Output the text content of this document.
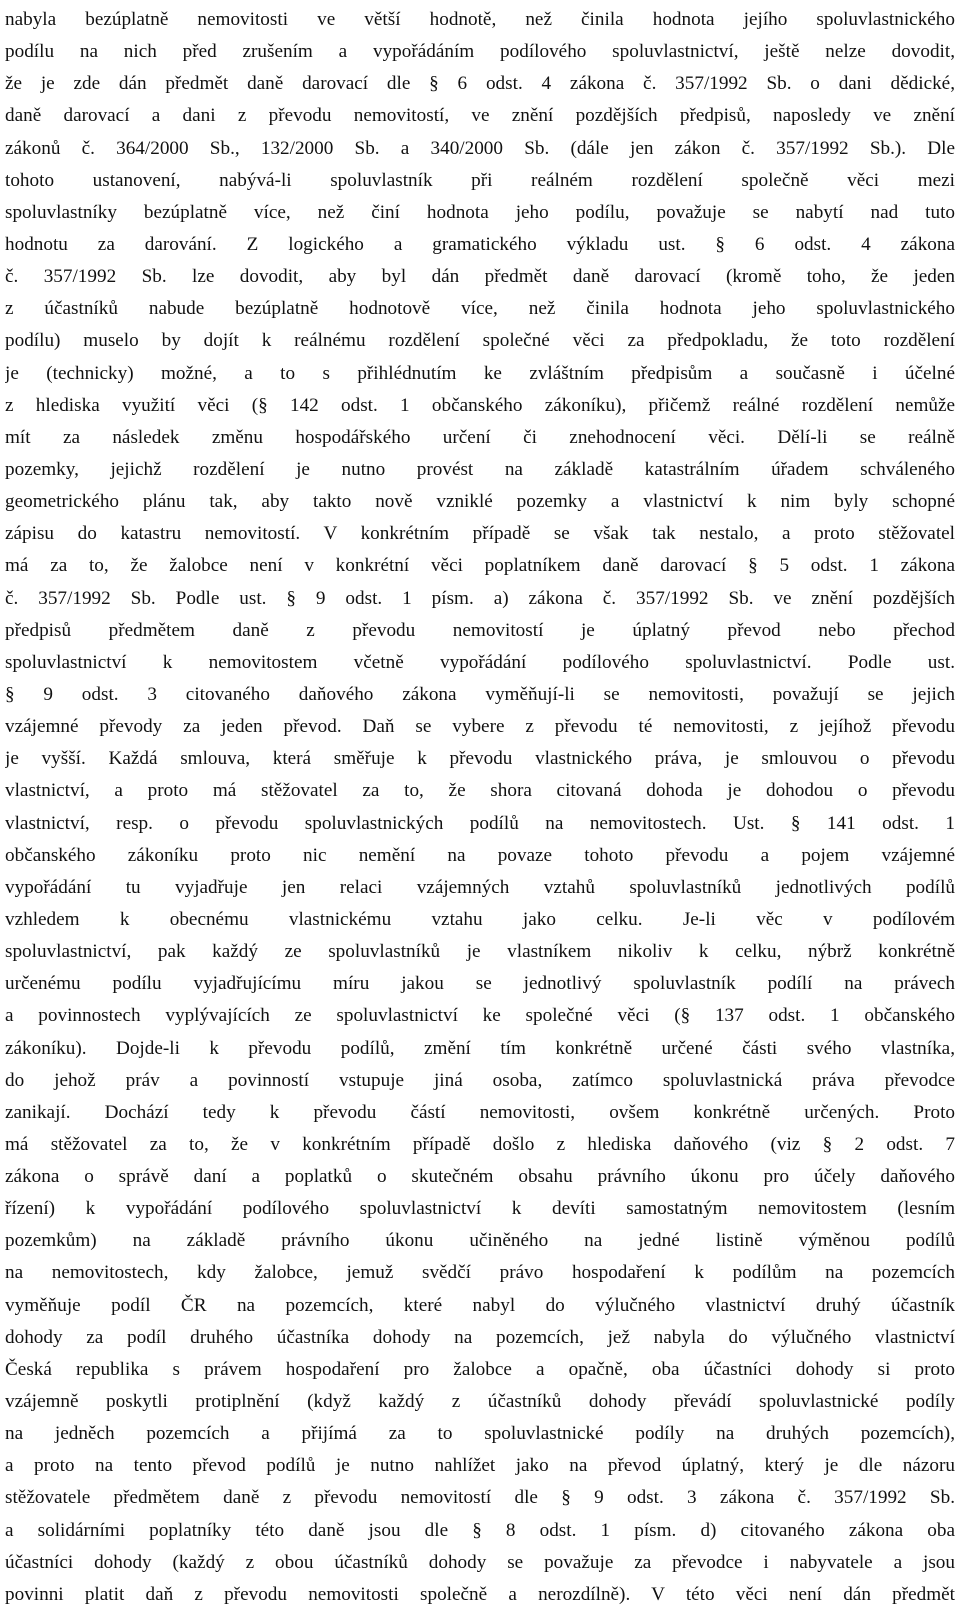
nabyla bezúplatně nemovitosti ve větší hodnotě, než činila hodnota jejího spoluvlastnického
podílu na nich před zrušením a vypořádáním podílového spoluvlastnictví, ještě nelze dovodit,
že je zde dán předmět daně darovací dle § 6 odst. 4 zákona č. 357/1992 Sb. o dani dědické,
daně darovací a dani z převodu nemovitostí, ve znění pozdějších předpisů, naposledy ve znění
zákonů č. 364/2000 Sb., 132/2000 Sb. a 340/2000 Sb. (dále jen zákon č. 357/1992 Sb.). Dle
tohoto ustanovení, nabývá-li spoluvlastník při reálném rozdělení společně věci mezi
spoluvlastníky bezúplatně více, než činí hodnota jeho podílu, považuje se nabytí nad tuto
hodnotu za darování. Z logického a gramatického výkladu ust. § 6 odst. 4 zákona
č. 357/1992 Sb. lze dovodit, aby byl dán předmět daně darovací (kromě toho, že jeden
z účastníků nabude bezúplatně hodnotově více, než činila hodnota jeho spoluvlastnického
podílu) muselo by dojít k reálnému rozdělení společné věci za předpokladu, že toto rozdělení
je (technicky) možné, a to s přihlédnutím ke zvláštním předpisům a současně i účelné
z hlediska využití věci (§ 142 odst. 1 občanského zákoníku), přičemž reálné rozdělení nemůže
mít za následek změnu hospodářského určení či znehodnocení věci. Dělí-li se reálně
pozemky, jejichž rozdělení je nutno provést na základě katastrálním úřadem schváleného
geometrického plánu tak, aby takto nově vzniklé pozemky a vlastnictví k nim byly schopné
zápisu do katastru nemovitostí. V konkrétním případě se však tak nestalo, a proto stěžovatel
má za to, že žalobce není v konkrétní věci poplatníkem daně darovací § 5 odst. 1 zákona
č. 357/1992 Sb. Podle ust. § 9 odst. 1 písm. a) zákona č. 357/1992 Sb. ve znění pozdějších
předpisů předmětem daně z převodu nemovitostí je úplatný převod nebo přechod
spoluvlastnictví k nemovitostem včetně vypořádání podílového spoluvlastnictví. Podle ust.
§ 9 odst. 3 citovaného daňového zákona vyměňují-li se nemovitosti, považují se jejich
vzájemné převody za jeden převod. Daň se vybere z převodu té nemovitosti, z jejíhož převodu
je vyšší. Každá smlouva, která směřuje k převodu vlastnického práva, je smlouvou o převodu
vlastnictví, a proto má stěžovatel za to, že shora citovaná dohoda je dohodou o převodu
vlastnictví, resp. o převodu spoluvlastnických podílů na nemovitostech. Ust. § 141 odst. 1
občanského zákoníku proto nic nemění na povaze tohoto převodu a pojem vzájemné
vypořádání tu vyjadřuje jen relaci vzájemných vztahů spoluvlastníků jednotlivých podílů
vzhledem k obecnému vlastnickému vztahu jako celku. Je-li věc v podílovém
spoluvlastnictví, pak každý ze spoluvlastníků je vlastníkem nikoliv k celku, nýbrž konkrétně
určenému podílu vyjadřujícímu míru jakou se jednotlivý spoluvlastník podílí na právech
a povinnostech vyplývajících ze spoluvlastnictví ke společné věci (§ 137 odst. 1 občanského
zákoníku). Dojde-li k převodu podílů, změní tím konkrétně určené části svého vlastníka,
do jehož práv a povinností vstupuje jiná osoba, zatímco spoluvlastnická práva převodce
zanikají. Dochází tedy k převodu částí nemovitosti, ovšem konkrétně určených. Proto
má stěžovatel za to, že v konkrétním případě došlo z hlediska daňového (viz § 2 odst. 7
zákona o správě daní a poplatků o skutečném obsahu právního úkonu pro účely daňového
řízení) k vypořádání podílového spoluvlastnictví k devíti samostatným nemovitostem (lesním
pozemkům) na základě právního úkonu učiněného na jedné listině výměnou podílů
na nemovitostech, kdy žalobce, jemuž svědčí právo hospodaření k podílům na pozemcích
vyměňuje podíl ČR na pozemcích, které nabyl do výlučného vlastnictví druhý účastník
dohody za podíl druhého účastníka dohody na pozemcích, jež nabyla do výlučného vlastnictví
Česká republika s právem hospodaření pro žalobce a opačně, oba účastníci dohody si proto
vzájemně poskytli protiplnění (když každý z účastníků dohody převádí spoluvlastnické podíly
na jedněch pozemcích a přijímá za to spoluvlastnické podíly na druhých pozemcích),
a proto na tento převod podílů je nutno nahlížet jako na převod úplatný, který je dle názoru
stěžovatele předmětem daně z převodu nemovitostí dle § 9 odst. 3 zákona č. 357/1992 Sb.
a solidárními poplatníky této daně jsou dle § 8 odst. 1 písm. d) citovaného zákona oba
účastníci dohody (každý z obou účastníků dohody se považuje za převodce i nabyvatele a jsou
povinni platit daň z převodu nemovitosti společně a nerozdílně). V této věci není dán předmět
